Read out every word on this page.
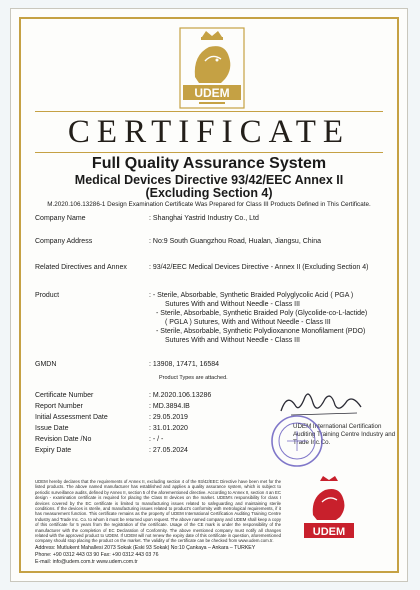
UDEM
CERTIFICATE
Full Quality Assurance System
Medical Devices Directive 93/42/EEC Annex II
(Excluding Section 4)
M.2020.106.13286-1 Design Examination Certificate Was Prepared for Class III Products Defined in This Certificate.
Company Name	: Shanghai Yastrid Industry Co., Ltd
Company Address	: No:9 South Guangzhou Road, Hualan, Jiangsu, China
Related Directives and Annex	: 93/42/EEC Medical Devices Directive - Annex II (Excluding Section 4)
Product	: - Sterile, Absorbable, Synthetic Braided Polyglycolic Acid ( PGA )
Sutures With and Without Needle - Class III
- Sterile, Absorbable, Synthetic Braided Poly (Glycolide-co-L-lactide)
( PGLA ) Sutures, With and Without Needle - Class III
- Sterile, Absorbable, Synthetic Polydioxanone Monofilament (PDO)
Sutures With and Without Needle - Class III
GMDN	: 13908, 17471, 16584
Product Types are attached.
Certificate Number	: M.2020.106.13286
Report Number	: MD.3894.IB
Initial Assessment Date	: 29.05.2019
Issue Date	: 31.01.2020
Revision Date /No	: - / -
Expiry Date	: 27.05.2024
UDEM International Certification Auditing Training Centre Industry and Trade Inc.Co.
UDEM
UDEM hereby declares that the requirements of Annex II, excluding section 4 of the 93/42/EEC Directive have been met for the listed products. The above named manufacturer has established and applies a quality assurance system, which is subject to periodic surveillance audits, defined by Annex II, section 5 of the aforementioned directive. According to Annex II, section 4 an EC design - examination certificate is required for placing the Class III devices on the market. UDEM's responsibility for class I devices covered by the EC certificate is limited to manufacturing issues related to safeguarding and maintaining sterile conditions. If the devices is sterile, and manufacturing issues related to product's conformity with metrological requirements, if it has measurement function. This certificate remains as the property of UDEM International Certification Auditing Training Centre Industry and Trade Inc. Co. to whom it must be returned upon request. The above named company and UDEM shall keep a copy of this certificate for 5 years from the registration of the certificate. Usage of the CE mark is under the responsibility of the manufacturer with the completion of EC Declaration of Conformity. The above mentioned company must notify all changes related with the approved product to UDEM. If UDEM will not renew the expiry date of this certificate in question, aforementioned company should stop placing the product on the market. The validity of the certificate can be checked from www.udem.com.tr.
Address: Mutlukent Mahallesi 2073 Sokak (Eski 93 Sokak) No:10 Çankaya – Ankara – TURKEY
Phone: +90 0312 443 03 90 Fax: +90 0312 443 03 76
E-mail: info@udem.com.tr www.udem.com.tr
